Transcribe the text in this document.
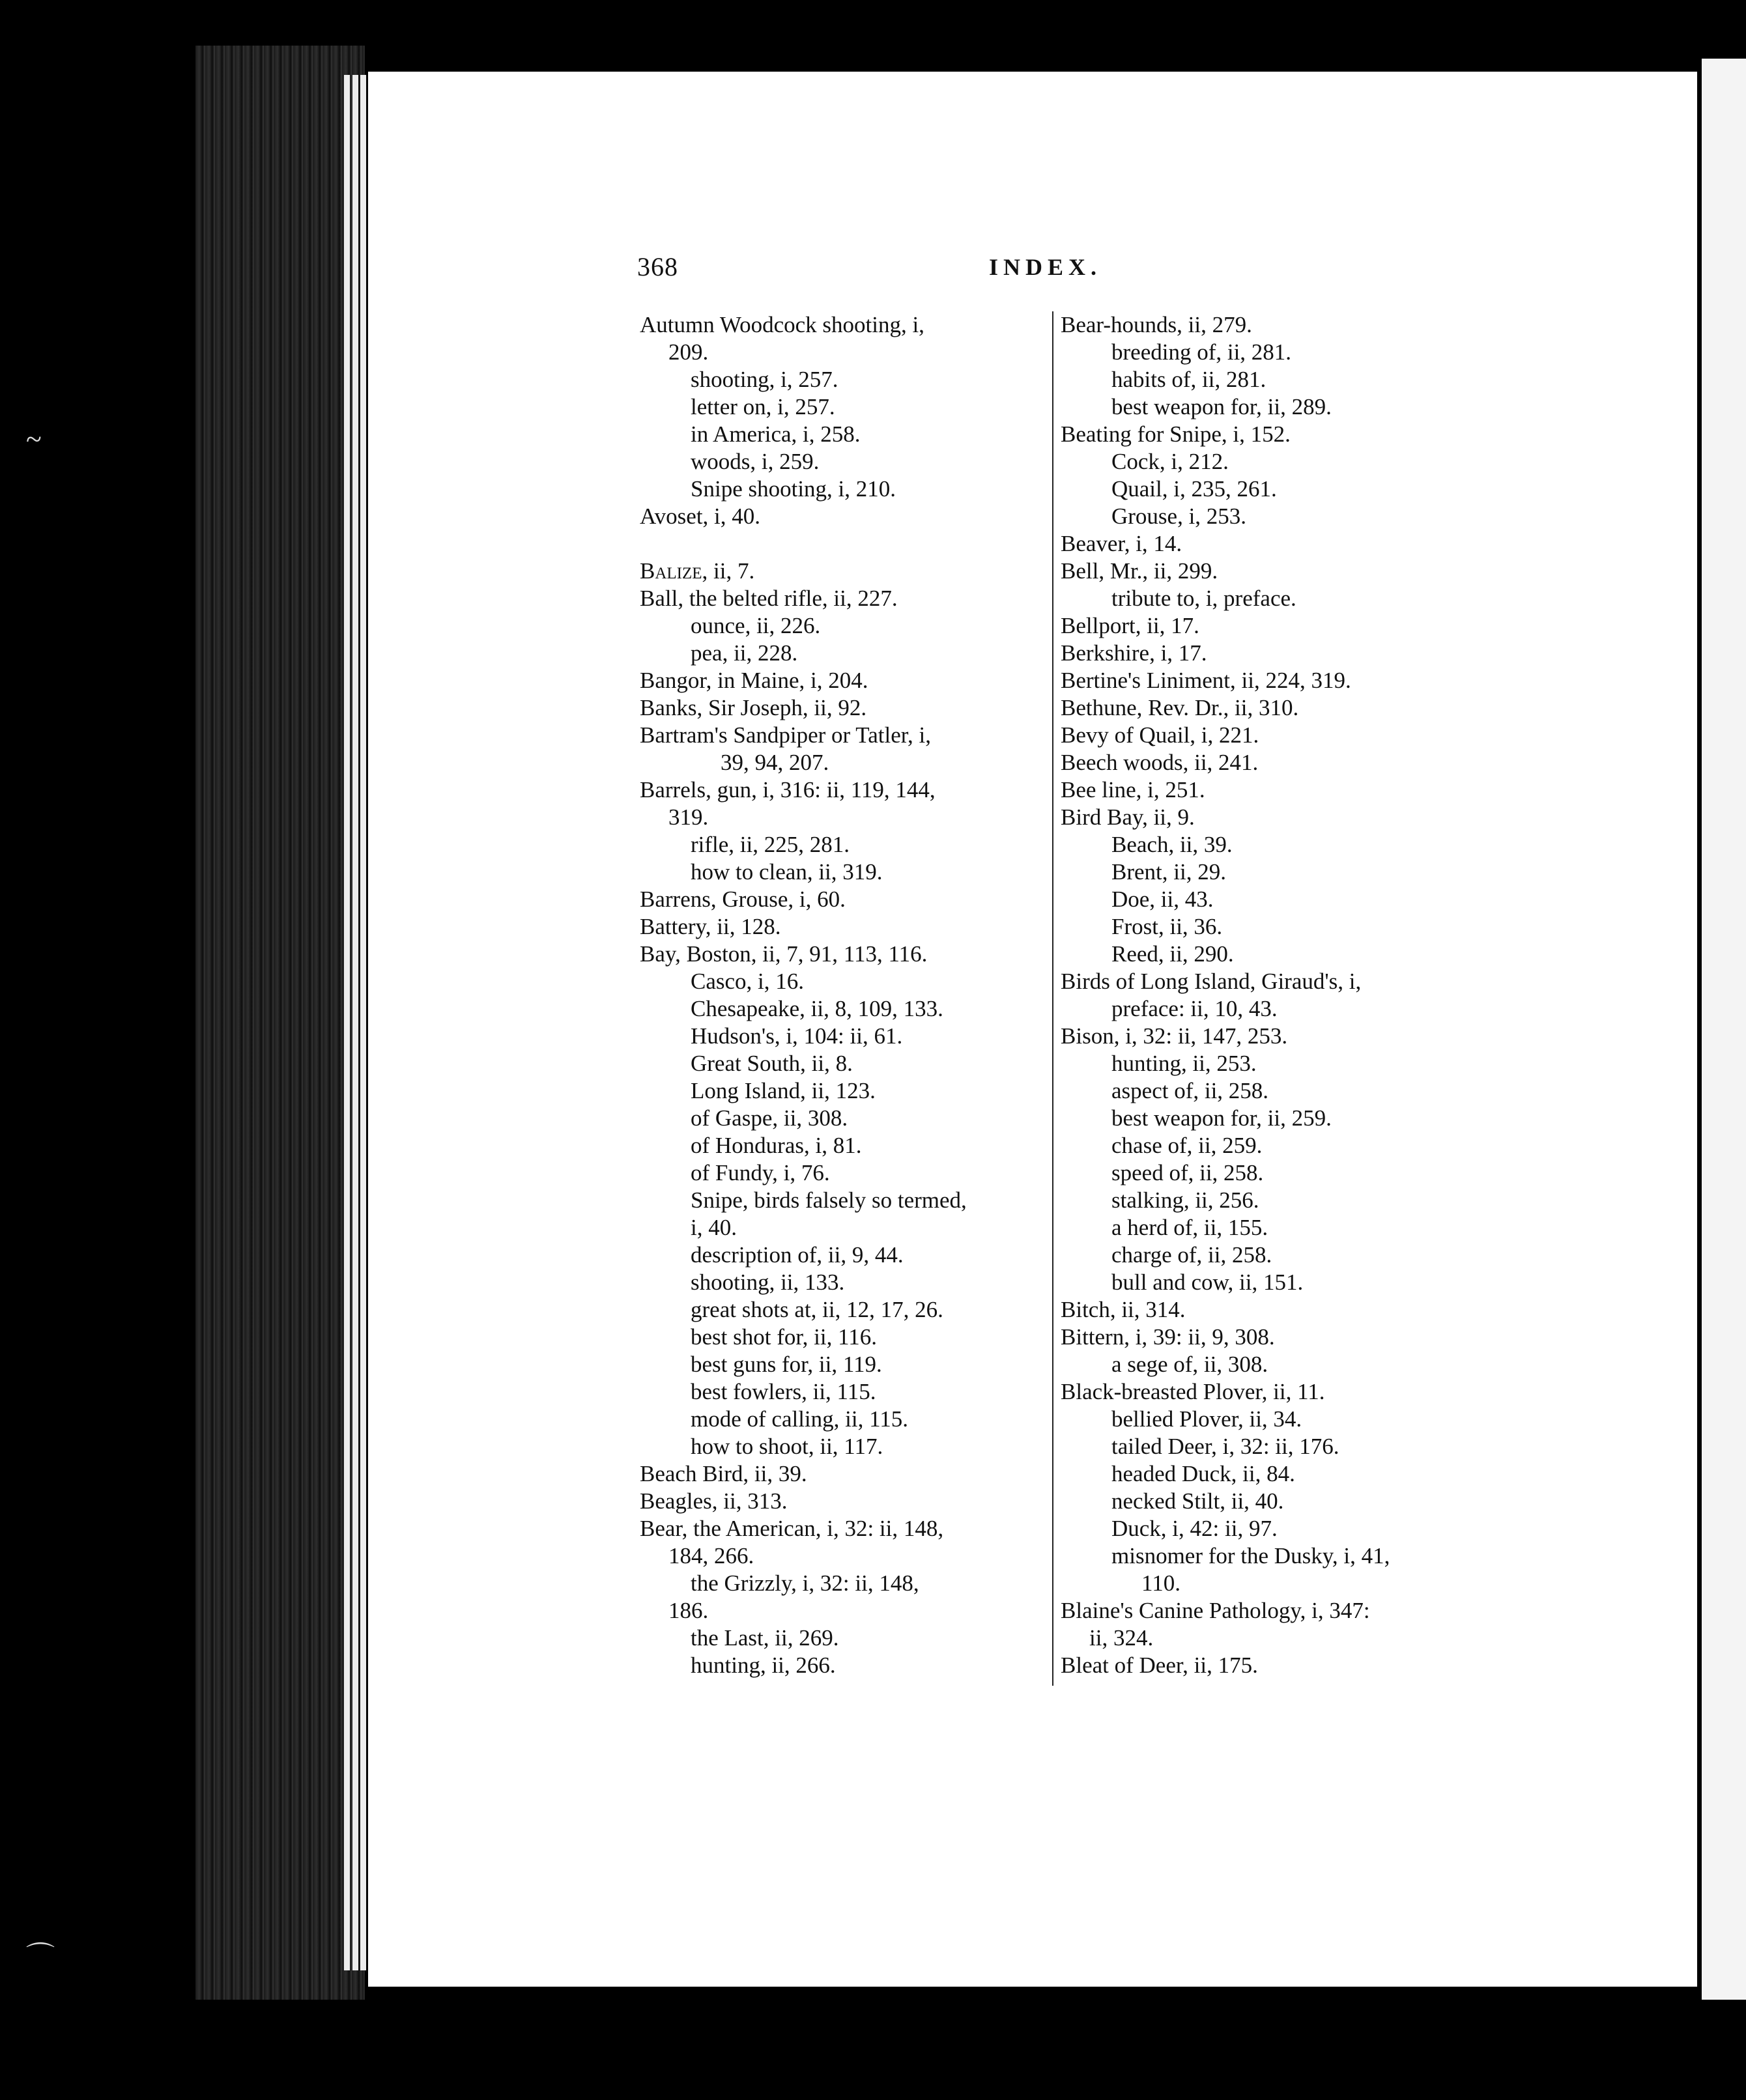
~
⌒
368	INDEX.
Autumn Woodcock shooting, i,
209.
shooting, i, 257.
letter on, i, 257.
in America, i, 258.
woods, i, 259.
Snipe shooting, i, 210.
Avoset, i, 40.
Balize, ii, 7.
Ball, the belted rifle, ii, 227.
ounce, ii, 226.
pea, ii, 228.
Bangor, in Maine, i, 204.
Banks, Sir Joseph, ii, 92.
Bartram's Sandpiper or Tatler, i,
39, 94, 207.
Barrels, gun, i, 316: ii, 119, 144,
319.
rifle, ii, 225, 281.
how to clean, ii, 319.
Barrens, Grouse, i, 60.
Battery, ii, 128.
Bay, Boston, ii, 7, 91, 113, 116.
Casco, i, 16.
Chesapeake, ii, 8, 109, 133.
Hudson's, i, 104: ii, 61.
Great South, ii, 8.
Long Island, ii, 123.
of Gaspe, ii, 308.
of Honduras, i, 81.
of Fundy, i, 76.
Snipe, birds falsely so termed,
i, 40.
description of, ii, 9, 44.
shooting, ii, 133.
great shots at, ii, 12, 17, 26.
best shot for, ii, 116.
best guns for, ii, 119.
best fowlers, ii, 115.
mode of calling, ii, 115.
how to shoot, ii, 117.
Beach Bird, ii, 39.
Beagles, ii, 313.
Bear, the American, i, 32: ii, 148,
184, 266.
the Grizzly, i, 32: ii, 148,
186.
the Last, ii, 269.
hunting, ii, 266.
Bear-hounds, ii, 279.
breeding of, ii, 281.
habits of, ii, 281.
best weapon for, ii, 289.
Beating for Snipe, i, 152.
Cock, i, 212.
Quail, i, 235, 261.
Grouse, i, 253.
Beaver, i, 14.
Bell, Mr., ii, 299.
tribute to, i, preface.
Bellport, ii, 17.
Berkshire, i, 17.
Bertine's Liniment, ii, 224, 319.
Bethune, Rev. Dr., ii, 310.
Bevy of Quail, i, 221.
Beech woods, ii, 241.
Bee line, i, 251.
Bird Bay, ii, 9.
Beach, ii, 39.
Brent, ii, 29.
Doe, ii, 43.
Frost, ii, 36.
Reed, ii, 290.
Birds of Long Island, Giraud's, i,
preface: ii, 10, 43.
Bison, i, 32: ii, 147, 253.
hunting, ii, 253.
aspect of, ii, 258.
best weapon for, ii, 259.
chase of, ii, 259.
speed of, ii, 258.
stalking, ii, 256.
a herd of, ii, 155.
charge of, ii, 258.
bull and cow, ii, 151.
Bitch, ii, 314.
Bittern, i, 39: ii, 9, 308.
a sege of, ii, 308.
Black-breasted Plover, ii, 11.
bellied Plover, ii, 34.
tailed Deer, i, 32: ii, 176.
headed Duck, ii, 84.
necked Stilt, ii, 40.
Duck, i, 42: ii, 97.
misnomer for the Dusky, i, 41,
110.
Blaine's Canine Pathology, i, 347:
ii, 324.
Bleat of Deer, ii, 175.
